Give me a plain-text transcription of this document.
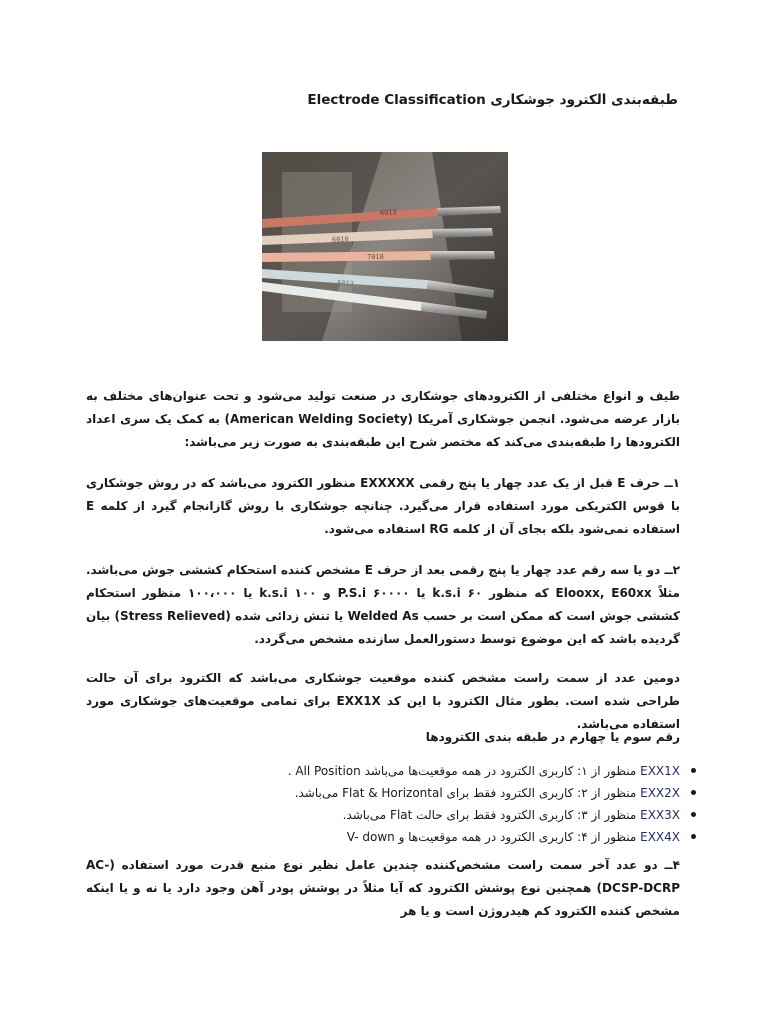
طبقه‌بندی الکترود جوشکاری Electrode Classification
6013
6010
7018
6013
طیف و انواع مختلفی از الکترودهای جوشکاری در صنعت تولید می‌شود و تحت عنوان‌های مختلف به بازار عرضه می‌شود. انجمن جوشکاری آمریکا (American Welding Society) به کمک یک سری اعداد الکترودها را طبقه‌بندی می‌کند که مختصر شرح این طبقه‌بندی به صورت زیر می‌باشد:
۱ــ حرف E قبل از یک عدد چهار یا پنج رقمی EXXXXX منظور الکترود می‌باشد که در روش جوشکاری با قوس الکتریکی مورد استفاده قرار می‌گیرد. چنانچه جوشکاری با روش گازانجام گیرد از کلمه E استفاده نمی‌شود بلکه بجای آن از کلمه RG استفاده می‌شود.
۲ــ دو یا سه رقم عدد چهار یا پنج رقمی بعد از حرف E مشخص کننده استحکام کششی جوش می‌باشد. مثلاً Elooxx, E60xx که منظور ۶۰ k.s.i یا ۶۰۰۰۰ P.S.i و ۱۰۰ k.s.i یا ۱۰۰،۰۰۰ منظور استحکام کششی جوش است که ممکن است بر حسب Welded As یا تنش زدائی شده (Stress Relieved) بیان گردیده باشد که این موضوع توسط دستورالعمل سازنده مشخص می‌گردد.
دومین عدد از سمت راست مشخص کننده موقعیت جوشکاری می‌باشد که الکترود برای آن حالت طراحی شده است. بطور مثال الکترود با این کد EXX1X برای تمامی موقعیت‌های جوشکاری مورد استفاده می‌باشد.
رقم سوم یا چهارم در طبقه بندی الکترودها
EXX1X منظور از ۱: کاربری الکترود در همه موقعیت‌ها می‌باشد All Position .
EXX2X منظور از ۲: کاربری الکترود فقط برای Flat & Horizontal می‌باشد.
EXX3X منظور از ۳: کاربری الکترود فقط برای حالت Flat می‌باشد.
EXX4X منظور از ۴: کاربری الکترود در همه موقعیت‌ها و V- down
۴ــ دو عدد آخر سمت راست مشخص‌کننده چندین عامل نظیر نوع منبع قدرت مورد استفاده (AC-DCSP-DCRP) همچنین نوع پوشش الکترود که آیا مثلاً در پوشش پودر آهن وجود دارد یا نه و یا اینکه مشخص کننده الکترود کم هیدروژن است و یا هر
